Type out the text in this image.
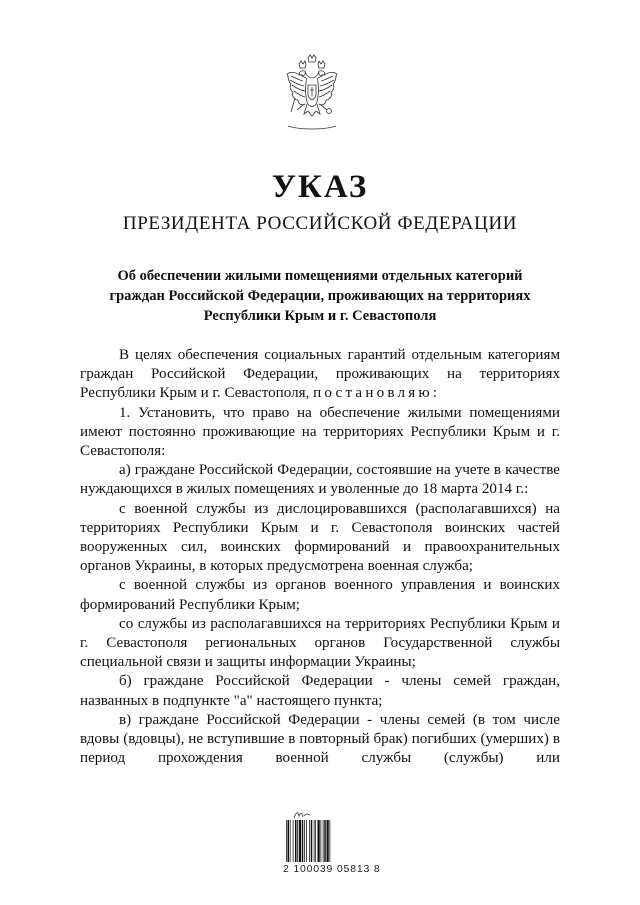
УКАЗ
ПРЕЗИДЕНТА РОССИЙСКОЙ ФЕДЕРАЦИИ
Об обеспечении жилыми помещениями отдельных категорий
граждан Российской Федерации, проживающих на территориях
Республики Крым и г. Севастополя

В целях обеспечения социальных гарантий отдельным категориям граждан Российской Федерации, проживающих на территориях Республики Крым и г. Севастополя, постановляю:

1. Установить, что право на обеспечение жилыми помещениями имеют постоянно проживающие на территориях Республики Крым и г. Севастополя:

а) граждане Российской Федерации, состоявшие на учете в качестве нуждающихся в жилых помещениях и уволенные до 18 марта 2014 г.:

с военной службы из дислоцировавшихся (располагавшихся) на территориях Республики Крым и г. Севастополя воинских частей вооруженных сил, воинских формирований и правоохранительных органов Украины, в которых предусмотрена военная служба;

с военной службы из органов военного управления и воинских формирований Республики Крым;

со службы из располагавшихся на территориях Республики Крым и г. Севастополя региональных органов Государственной службы специальной связи и защиты информации Украины;

б) граждане Российской Федерации - члены семей граждан, названных в подпункте "а" настоящего пункта;

в) граждане Российской Федерации - члены семей (в том числе вдовы (вдовцы), не вступившие в повторный брак) погибших (умерших) в период прохождения военной службы (службы) или

2 100039 05813 8
